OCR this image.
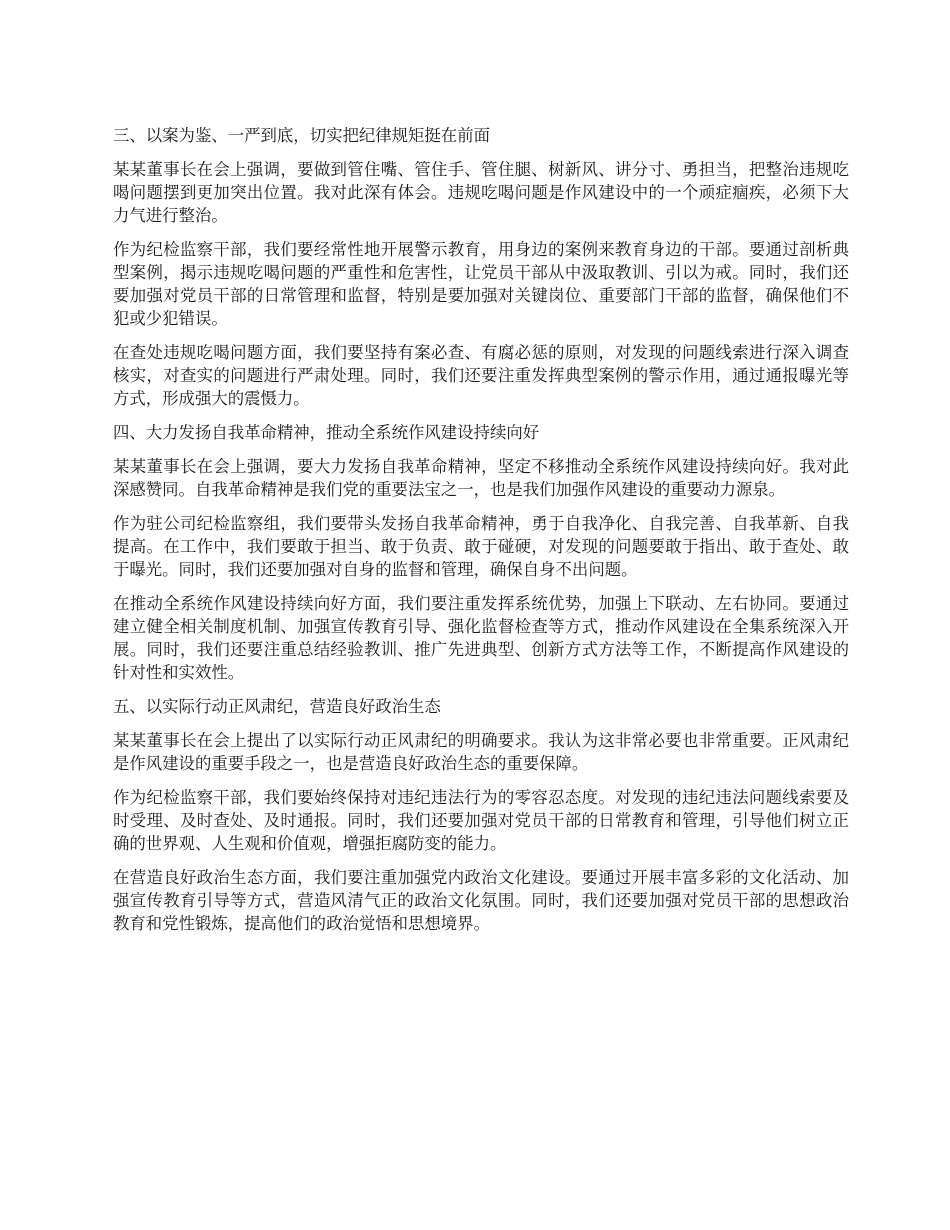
三、以案为鉴、一严到底，切实把纪律规矩挺在前面
某某董事长在会上强调，要做到管住嘴、管住手、管住腿、树新风、讲分寸、勇担当，把整治违规吃喝问题摆到更加突出位置。我对此深有体会。违规吃喝问题是作风建设中的一个顽症痼疾，必须下大力气进行整治。
作为纪检监察干部，我们要经常性地开展警示教育，用身边的案例来教育身边的干部。要通过剖析典型案例，揭示违规吃喝问题的严重性和危害性，让党员干部从中汲取教训、引以为戒。同时，我们还要加强对党员干部的日常管理和监督，特别是要加强对关键岗位、重要部门干部的监督，确保他们不犯或少犯错误。
在查处违规吃喝问题方面，我们要坚持有案必查、有腐必惩的原则，对发现的问题线索进行深入调查核实，对查实的问题进行严肃处理。同时，我们还要注重发挥典型案例的警示作用，通过通报曝光等方式，形成强大的震慑力。
四、大力发扬自我革命精神，推动全系统作风建设持续向好
某某董事长在会上强调，要大力发扬自我革命精神，坚定不移推动全系统作风建设持续向好。我对此深感赞同。自我革命精神是我们党的重要法宝之一，也是我们加强作风建设的重要动力源泉。
作为驻公司纪检监察组，我们要带头发扬自我革命精神，勇于自我净化、自我完善、自我革新、自我提高。在工作中，我们要敢于担当、敢于负责、敢于碰硬，对发现的问题要敢于指出、敢于查处、敢于曝光。同时，我们还要加强对自身的监督和管理，确保自身不出问题。
在推动全系统作风建设持续向好方面，我们要注重发挥系统优势，加强上下联动、左右协同。要通过建立健全相关制度机制、加强宣传教育引导、强化监督检查等方式，推动作风建设在全集系统深入开展。同时，我们还要注重总结经验教训、推广先进典型、创新方式方法等工作，不断提高作风建设的针对性和实效性。
五、以实际行动正风肃纪，营造良好政治生态
某某董事长在会上提出了以实际行动正风肃纪的明确要求。我认为这非常必要也非常重要。正风肃纪是作风建设的重要手段之一，也是营造良好政治生态的重要保障。
作为纪检监察干部，我们要始终保持对违纪违法行为的零容忍态度。对发现的违纪违法问题线索要及时受理、及时查处、及时通报。同时，我们还要加强对党员干部的日常教育和管理，引导他们树立正确的世界观、人生观和价值观，增强拒腐防变的能力。
在营造良好政治生态方面，我们要注重加强党内政治文化建设。要通过开展丰富多彩的文化活动、加强宣传教育引导等方式，营造风清气正的政治文化氛围。同时，我们还要加强对党员干部的思想政治教育和党性锻炼，提高他们的政治觉悟和思想境界。
